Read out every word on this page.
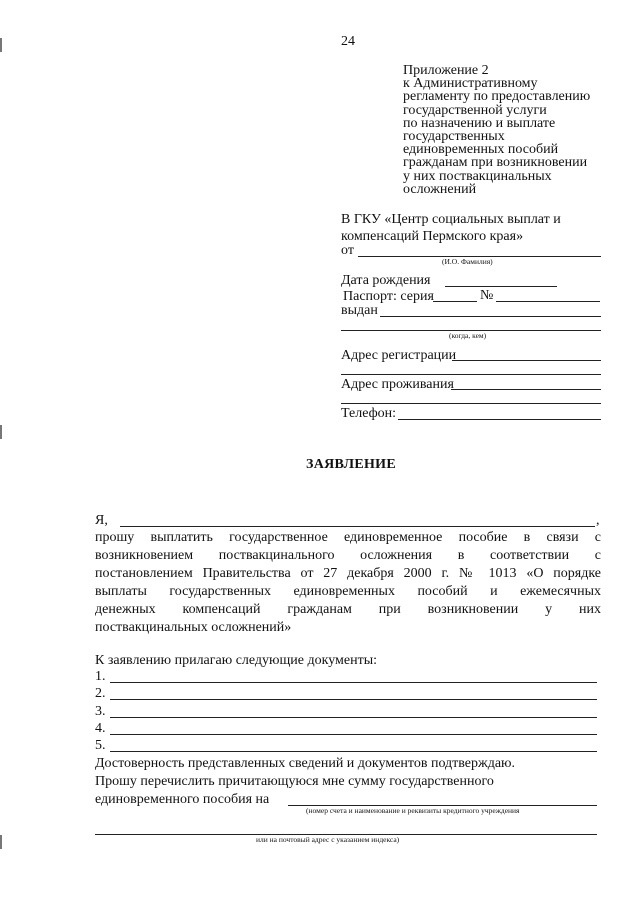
24
Приложение 2
к Административному
регламенту по предоставлению
государственной услуги
по назначению и выплате
государственных
единовременных пособий
гражданам при возникновении
у них поствакцинальных
осложнений
В ГКУ «Центр социальных выплат и
компенсаций Пермского края»
от
(И.О. Фамилия)
Дата рождения
Паспорт: серия	№
выдан
(когда, кем)
Адрес регистрации
Адрес проживания
Телефон:
ЗАЯВЛЕНИЕ
Я,	,
прошу выплатить государственное единовременное пособие в связи с
возникновением поствакцинального осложнения в соответствии с
постановлением Правительства от 27 декабря 2000 г. № 1013 «О порядке
выплаты государственных единовременных пособий и ежемесячных
денежных компенсаций гражданам при возникновении у них
поствакцинальных осложнений»
К заявлению прилагаю следующие документы:
1.
2.
3.
4.
5.
Достоверность представленных сведений и документов подтверждаю.
Прошу перечислить причитающуюся мне сумму государственного
единовременного пособия на
(номер счета и наименование и реквизиты кредитного учреждения
или на почтовый адрес с указанием индекса)
